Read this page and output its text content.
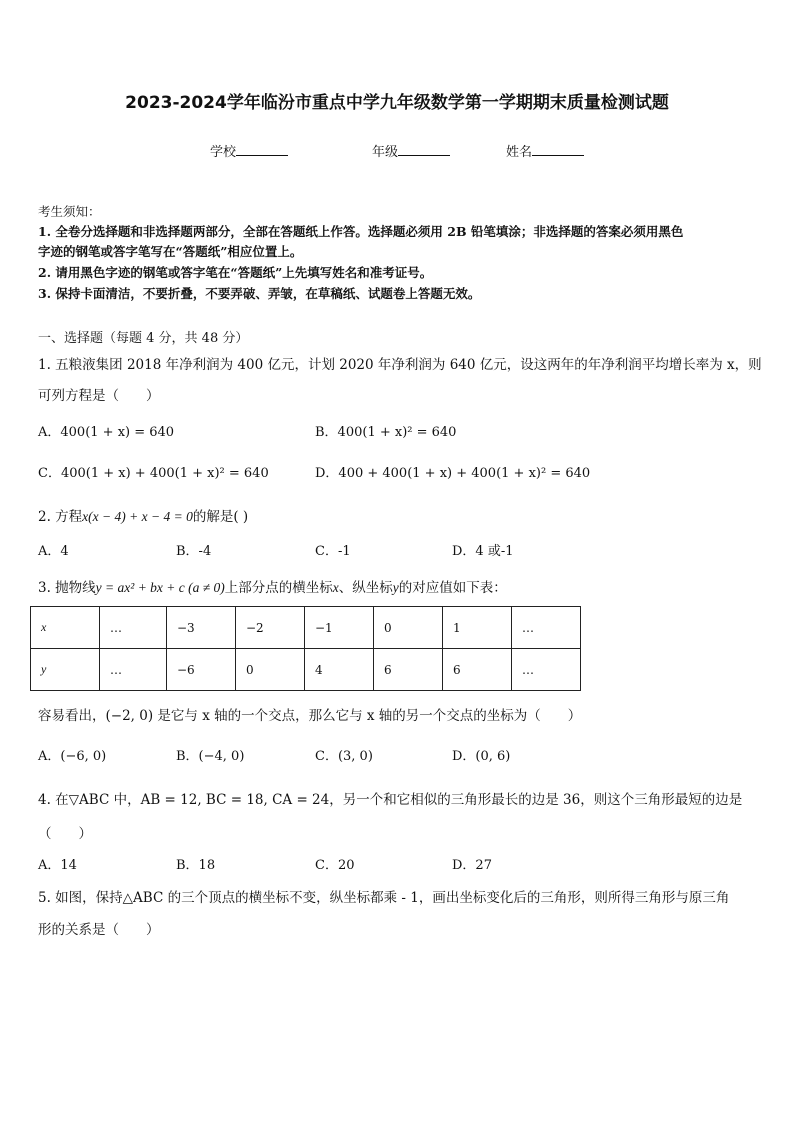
2023-2024学年临汾市重点中学九年级数学第一学期期末质量检测试题
学校	年级	姓名
考生须知：
1. 全卷分选择题和非选择题两部分，全部在答题纸上作答。选择题必须用 2B 铅笔填涂；非选择题的答案必须用黑色
字迹的钢笔或答字笔写在“答题纸”相应位置上。
2. 请用黑色字迹的钢笔或答字笔在“答题纸”上先填写姓名和准考证号。
3. 保持卡面清洁，不要折叠，不要弄破、弄皱，在草稿纸、试题卷上答题无效。
一、选择题（每题 4 分，共 48 分）
1. 五粮液集团 2018 年净利润为 400 亿元，计划 2020 年净利润为 640 亿元，设这两年的年净利润平均增长率为 x，则
可列方程是（　　）
A．400(1 + x) = 640	B．400(1 + x)² = 640
C．400(1 + x) + 400(1 + x)² = 640	D．400 + 400(1 + x) + 400(1 + x)² = 640
2. 方程x(x − 4) + x − 4 = 0的解是( )
A．4	B．-4	C．-1	D．4 或-1
3. 抛物线y = ax² + bx + c (a ≠ 0)上部分点的横坐标x、纵坐标y的对应值如下表：
x	…	−3	−2	−1	0	1	…
y	…	−6	0	4	6	6	…
容易看出，(−2, 0) 是它与 x 轴的一个交点，那么它与 x 轴的另一个交点的坐标为（　　）
A．(−6, 0)	B．(−4, 0)	C．(3, 0)	D．(0, 6)
4. 在▽ABC 中，AB = 12, BC = 18, CA = 24，另一个和它相似的三角形最长的边是 36，则这个三角形最短的边是
（　　）
A．14	B．18	C．20	D．27
5. 如图，保持△ABC 的三个顶点的横坐标不变，纵坐标都乘 - 1，画出坐标变化后的三角形，则所得三角形与原三角
形的关系是（　　）
